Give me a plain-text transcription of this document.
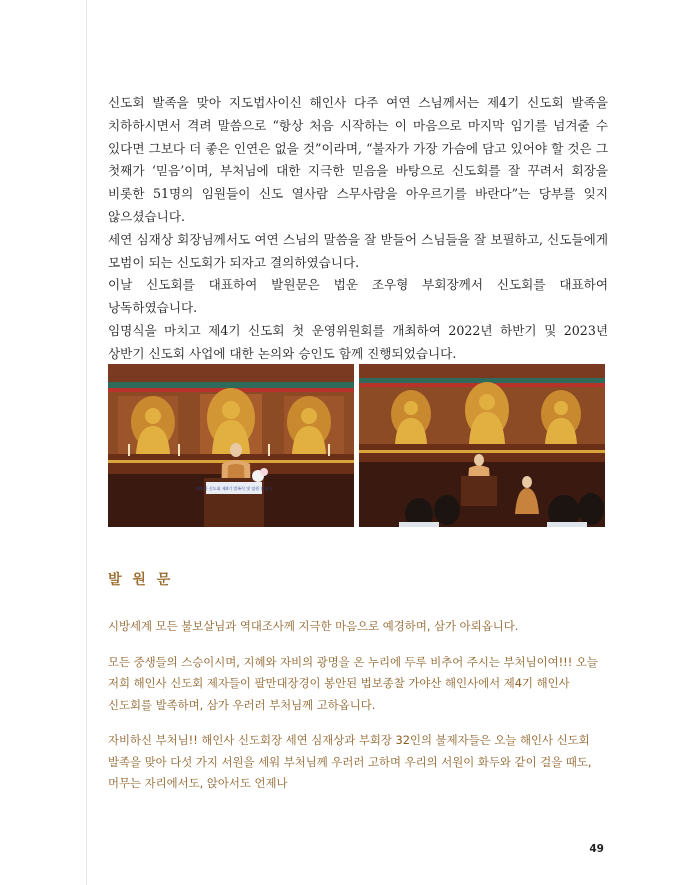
신도회 발족을 맞아 지도법사이신 해인사 다주 여연 스님께서는 제4기 신도회 발족을 치하하시면서 격려 말씀으로 “항상 처음 시작하는 이 마음으로 마지막 임기를 넘겨줄 수 있다면 그보다 더 좋은 인연은 없을 것”이라며, “불자가 가장 가슴에 담고 있어야 할 것은 그 첫째가 ‘믿음’이며, 부처님에 대한 지극한 믿음을 바탕으로 신도회를 잘 꾸려서 회장을 비롯한 51명의 임원들이 신도 열사람 스무사람을 아우르기를 바란다”는 당부를 잊지 않으셨습니다.

세연 심재상 회장님께서도 여연 스님의 말씀을 잘 받들어 스님들을 잘 보필하고, 신도들에게 모범이 되는 신도회가 되자고 결의하였습니다.

이날 신도회를 대표하여 발원문은 법운 조우형 부회장께서 신도회를 대표하여 낭독하였습니다.

임명식을 마치고 제4기 신도회 첫 운영위원회를 개최하여 2022년 하반기 및 2023년 상반기 신도회 사업에 대한 논의와 승인도 함께 진행되었습니다.

해인사 신도회 제4기 발족식 및 임원 임명식
발 원 문

시방세계 모든 불보살님과 역대조사께 지극한 마음으로 예경하며, 삼가 아뢰옵니다.

모든 중생들의 스승이시며, 지혜와 자비의 광명을 온 누리에 두루 비추어 주시는 부처님이여!!! 오늘 저희 해인사 신도회 제자들이 팔만대장경이 봉안된 법보종찰 가야산 해인사에서 제4기 해인사 신도회를 발족하며, 삼가 우러러 부처님께 고하옵니다.

자비하신 부처님!! 해인사 신도회장 세연 심재상과 부회장 32인의 불제자들은 오늘 해인사 신도회 발족을 맞아 다섯 가지 서원을 세워 부처님께 우러러 고하며 우리의 서원이 화두와 같이 걸을 때도, 머무는 자리에서도, 앉아서도 언제나

49
